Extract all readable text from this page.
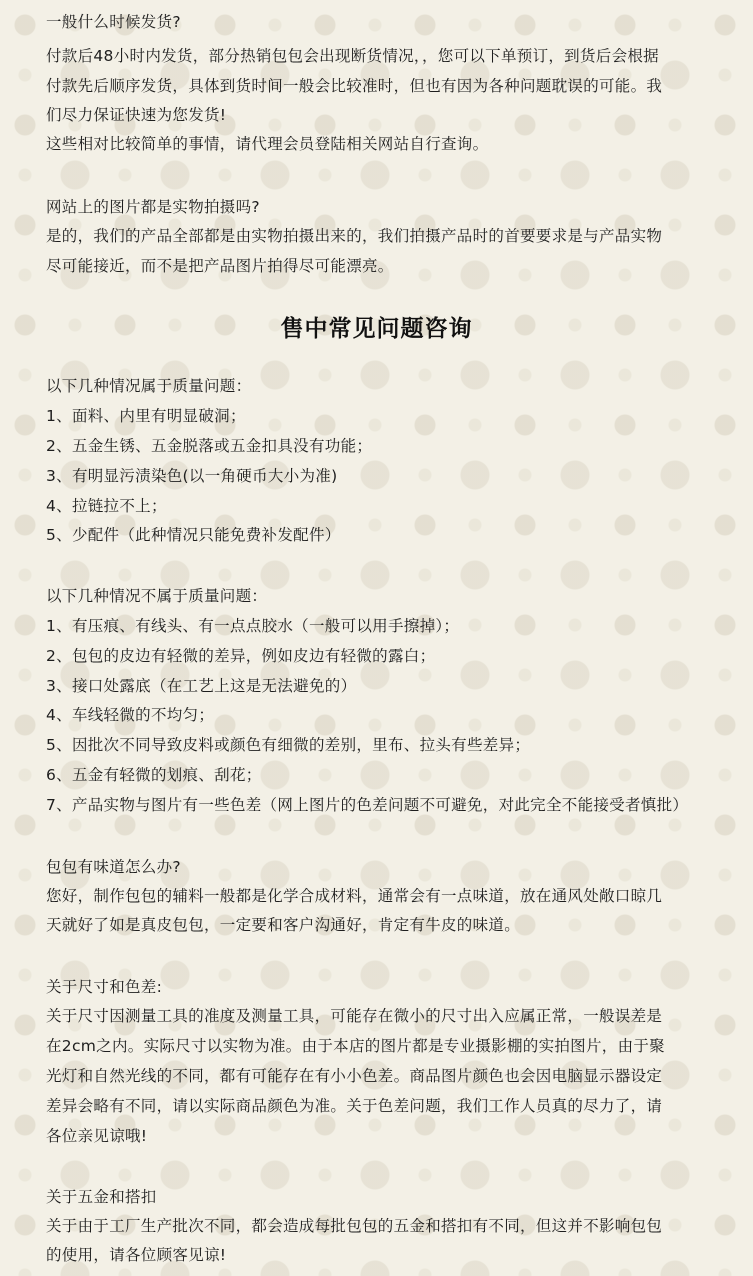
一般什么时候发货?
付款后48小时内发货，部分热销包包会出现断货情况，，您可以下单预订，到货后会根据
付款先后顺序发货，具体到货时间一般会比较准时，但也有因为各种问题耽误的可能。我
们尽力保证快速为您发货!
这些相对比较简单的事情，请代理会员登陆相关网站自行查询。
网站上的图片都是实物拍摄吗?
是的，我们的产品全部都是由实物拍摄出来的，我们拍摄产品时的首要要求是与产品实物
尽可能接近，而不是把产品图片拍得尽可能漂亮。
售中常见问题咨询
以下几种情况属于质量问题：
1、面料、内里有明显破洞；
2、五金生锈、五金脱落或五金扣具没有功能；
3、有明显污渍染色(以一角硬币大小为准)
4、拉链拉不上；
5、少配件（此种情况只能免费补发配件）
以下几种情况不属于质量问题：
1、有压痕、有线头、有一点点胶水（一般可以用手擦掉）；
2、包包的皮边有轻微的差异，例如皮边有轻微的露白；
3、接口处露底（在工艺上这是无法避免的）
4、车线轻微的不均匀；
5、因批次不同导致皮料或颜色有细微的差别，里布、拉头有些差异；
6、五金有轻微的划痕、刮花；
7、产品实物与图片有一些色差（网上图片的色差问题不可避免，对此完全不能接受者慎批）
包包有味道怎么办?
您好，制作包包的辅料一般都是化学合成材料，通常会有一点味道，放在通风处敞口晾几
天就好了如是真皮包包，一定要和客户沟通好，肯定有牛皮的味道。
关于尺寸和色差:
关于尺寸因测量工具的准度及测量工具，可能存在微小的尺寸出入应属正常，一般误差是
在2cm之内。实际尺寸以实物为准。由于本店的图片都是专业摄影棚的实拍图片，由于聚
光灯和自然光线的不同，都有可能存在有小小色差。商品图片颜色也会因电脑显示器设定
差异会略有不同，请以实际商品颜色为准。关于色差问题，我们工作人员真的尽力了，请
各位亲见谅哦!
关于五金和搭扣
关于由于工厂生产批次不同，都会造成每批包包的五金和搭扣有不同，但这并不影响包包
的使用，请各位顾客见谅!
